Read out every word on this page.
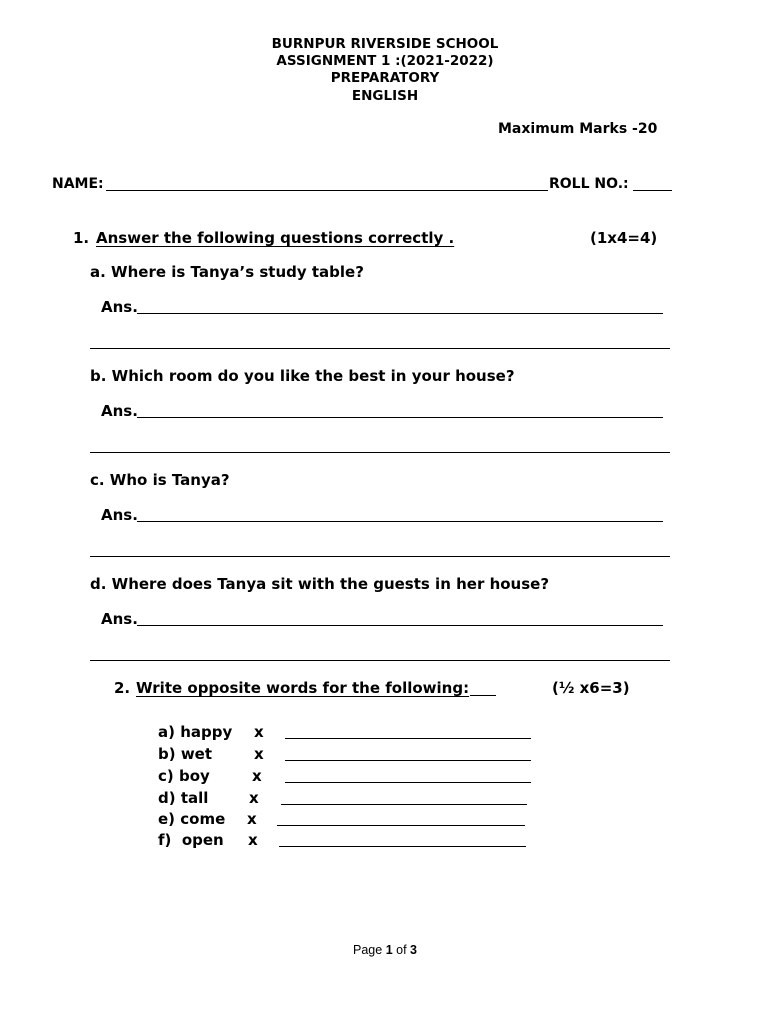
BURNPUR RIVERSIDE SCHOOL
ASSIGNMENT 1 :(2021-2022)
PREPARATORY
ENGLISH
Maximum Marks -20
NAME:	ROLL NO.:
1. Answer the following questions correctly .	(1x4=4)
a. Where is Tanya’s study table?
Ans.
b. Which room do you like the best in your house?
Ans.
c. Who is Tanya?
Ans.
d. Where does Tanya sit with the guests in her house?
Ans.
2. Write opposite words for the following:	(½ x6=3)
a) happy x
b) wet	x
c) boy	x
d) tall	x
e) come x
f)  open x
Page 1 of 3
